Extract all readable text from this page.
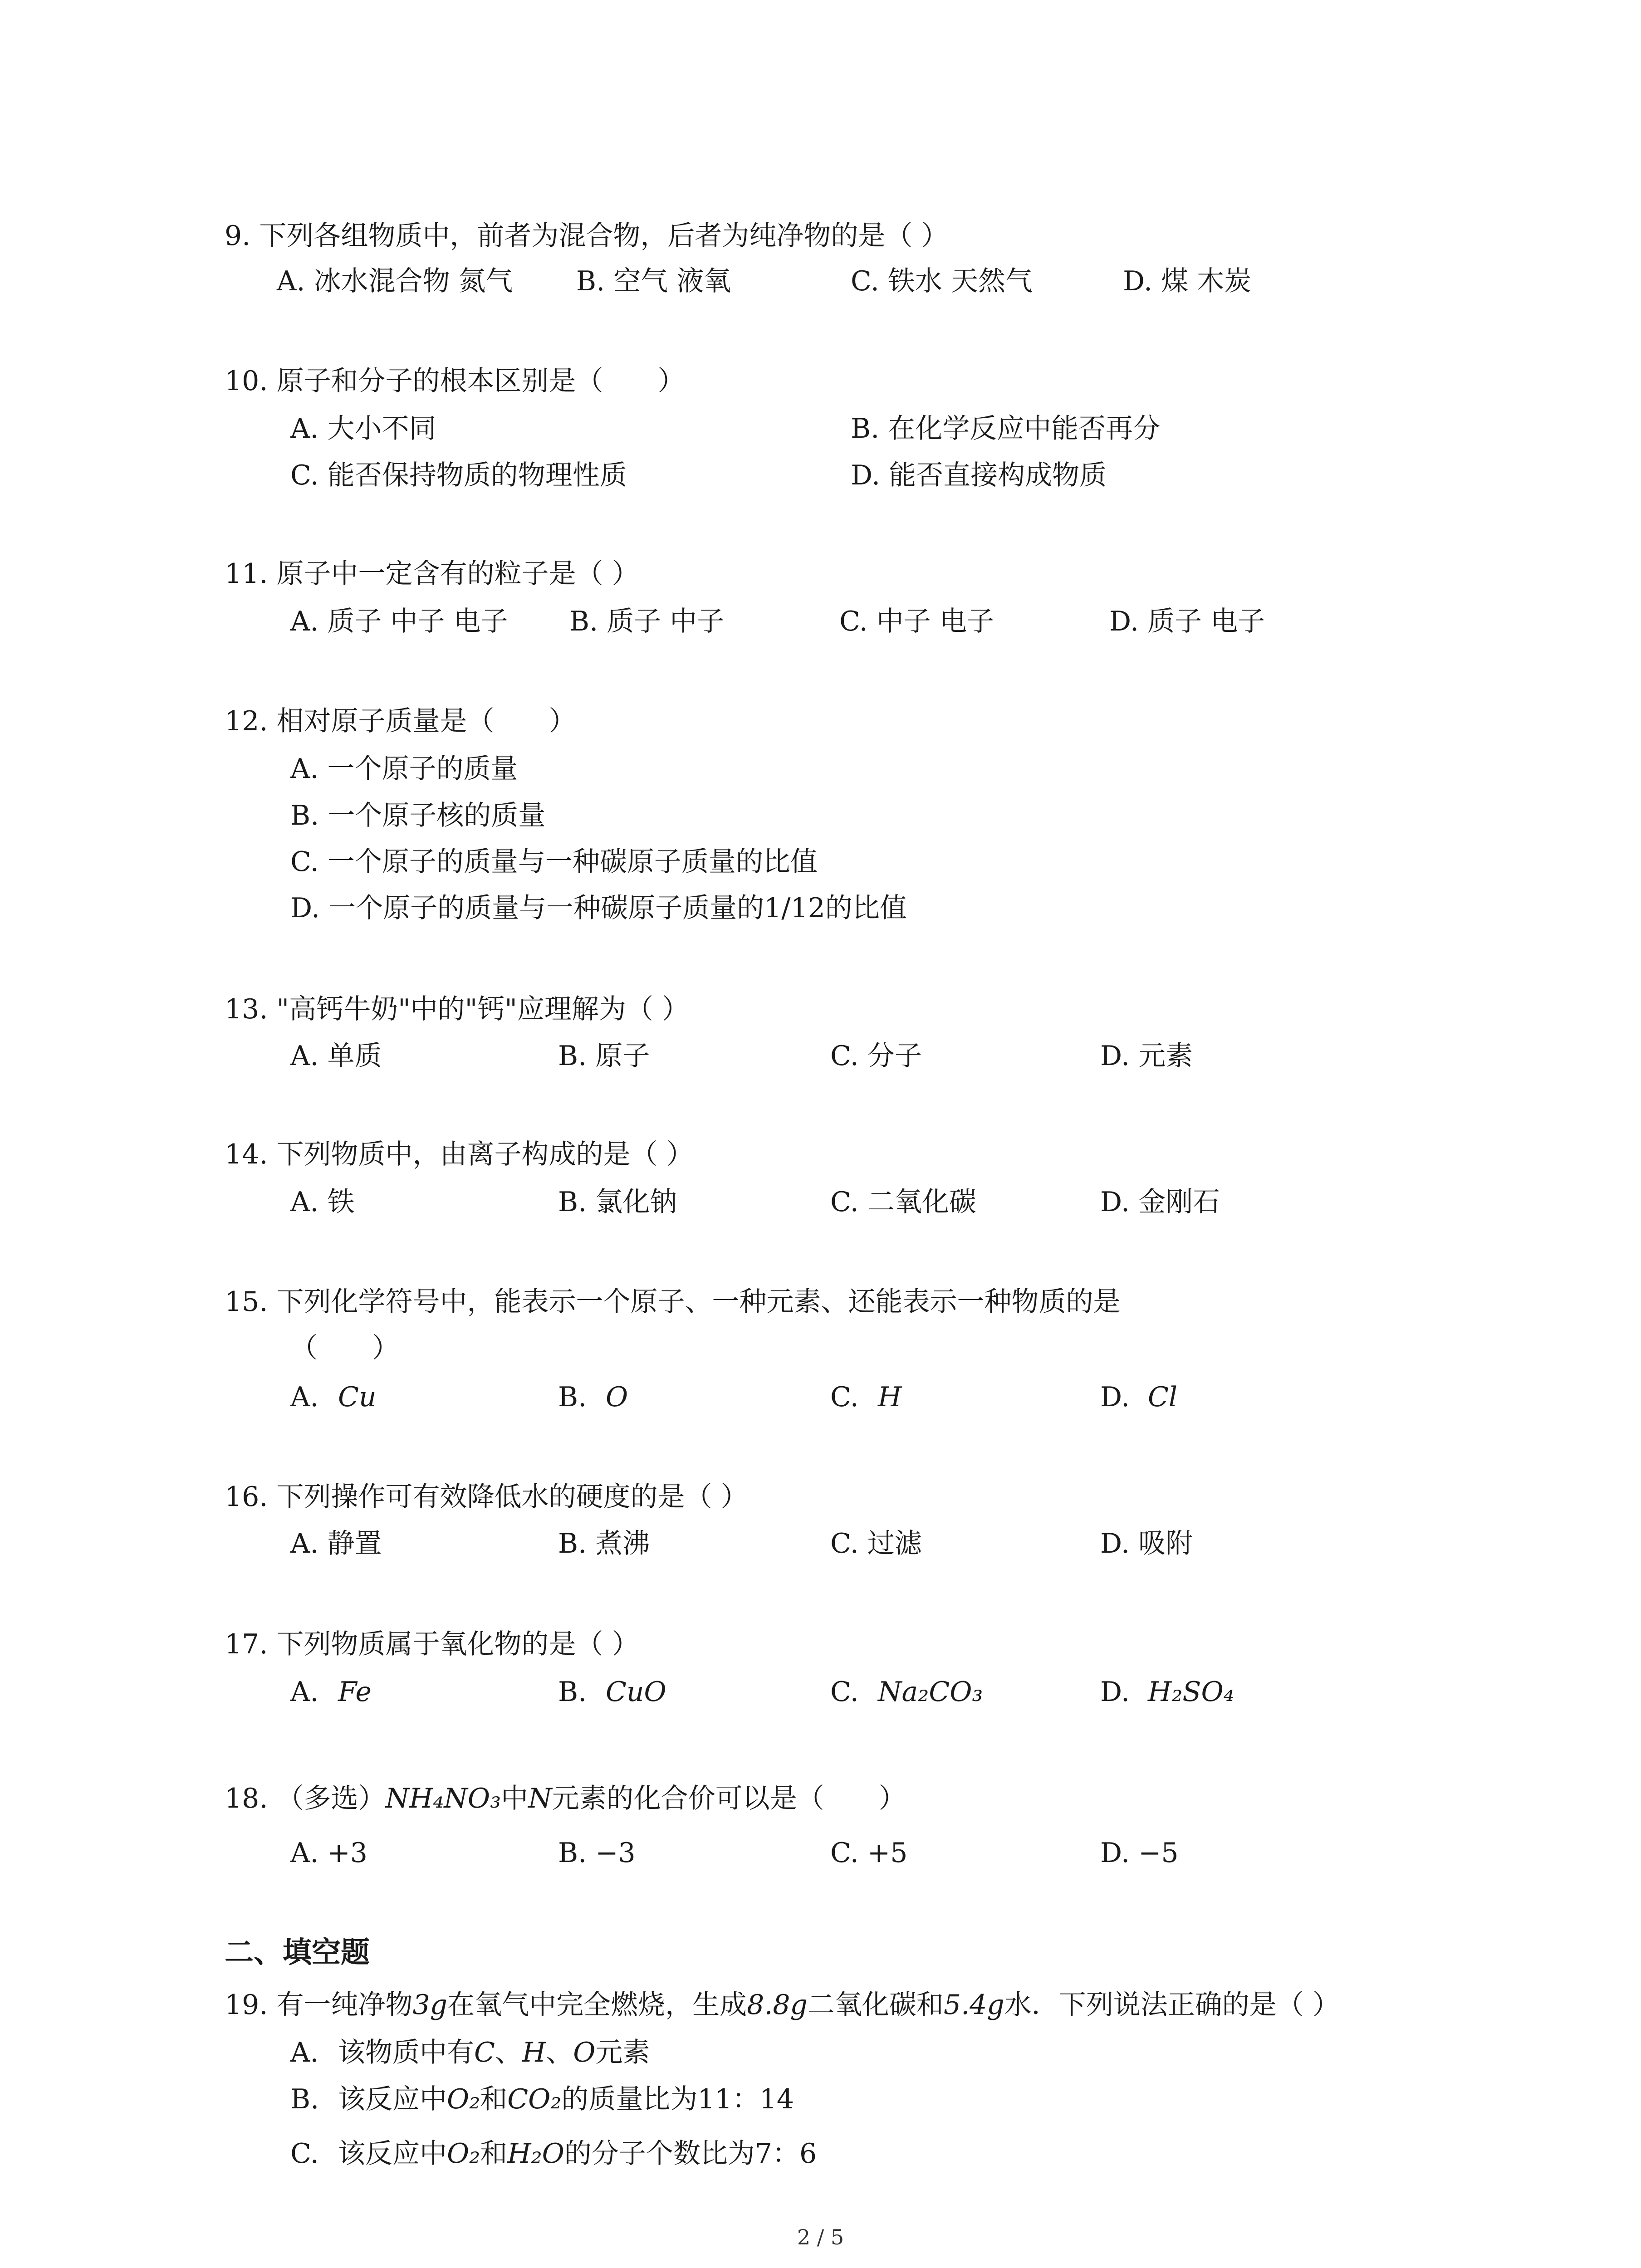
9. 下列各组物质中，前者为混合物，后者为纯净物的是（ ）
A. 冰水混合物 氮气 B. 空气 液氧	C. 铁水 天然气	D. 煤 木炭
10. 原子和分子的根本区别是（　　）
A. 大小不同	B. 在化学反应中能否再分
C. 能否保持物质的物理性质	D. 能否直接构成物质
11. 原子中一定含有的粒子是（ ）
A. 质子 中子 电子 B. 质子 中子	C. 中子 电子	D. 质子 电子
12. 相对原子质量是（　　）
A. 一个原子的质量
B. 一个原子核的质量
C. 一个原子的质量与一种碳原子质量的比值
D. 一个原子的质量与一种碳原子质量的1/12的比值
13. "高钙牛奶"中的"钙"应理解为（ ）
A. 单质	B. 原子	C. 分子	D. 元素
14. 下列物质中，由离子构成的是（ ）
A. 铁	B. 氯化钠	C. 二氧化碳	D. 金刚石
15. 下列化学符号中，能表示一个原子、一种元素、还能表示一种物质的是
（　　）
A. Cu	B. O	C. H	D. Cl
16. 下列操作可有效降低水的硬度的是（ ）
A. 静置	B. 煮沸	C. 过滤	D. 吸附
17. 下列物质属于氧化物的是（ ）
A. Fe	B. CuO	C. Na₂CO₃	D. H₂SO₄
18. （多选）NH₄NO₃中N元素的化合价可以是（　　）
A. +3	B. −3	C. +5	D. −5
二、填空题
19. 有一纯净物3g在氧气中完全燃烧，生成8.8g二氧化碳和5.4g水．下列说法正确的是（ ）
A. 该物质中有C、H、O元素
B. 该反应中O₂和CO₂的质量比为11：14
C. 该反应中O₂和H₂O的分子个数比为7：6
2 / 5
